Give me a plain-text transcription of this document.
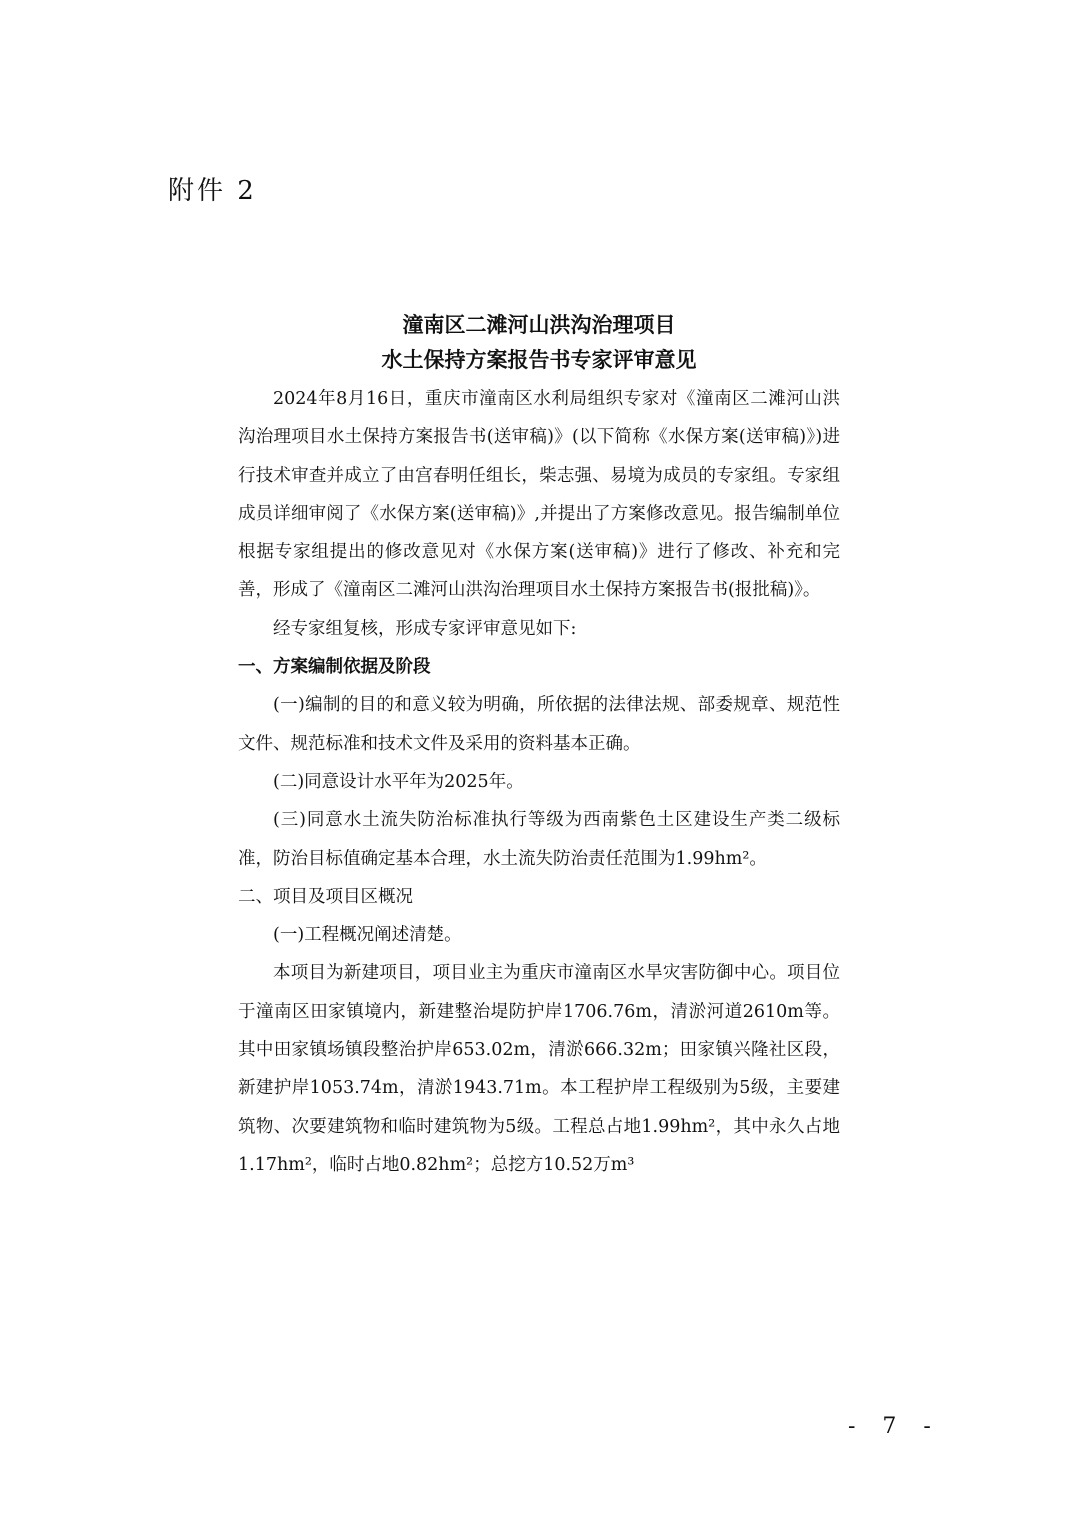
附件 2
潼南区二滩河山洪沟治理项目
水土保持方案报告书专家评审意见

2024年8月16日，重庆市潼南区水利局组织专家对《潼南区二滩河山洪沟治理项目水土保持方案报告书(送审稿)》(以下简称《水保方案(送审稿)》)进行技术审查并成立了由宫春明任组长，柴志强、易境为成员的专家组。专家组成员详细审阅了《水保方案(送审稿)》,并提出了方案修改意见。报告编制单位根据专家组提出的修改意见对《水保方案(送审稿)》进行了修改、补充和完善，形成了《潼南区二滩河山洪沟治理项目水土保持方案报告书(报批稿)》。

经专家组复核，形成专家评审意见如下:

一、方案编制依据及阶段

(一)编制的目的和意义较为明确，所依据的法律法规、部委规章、规范性文件、规范标准和技术文件及采用的资料基本正确。

(二)同意设计水平年为2025年。

(三)同意水土流失防治标准执行等级为西南紫色土区建设生产类二级标准，防治目标值确定基本合理，水土流失防治责任范围为1.99hm²。

二、项目及项目区概况

(一)工程概况阐述清楚。

本项目为新建项目，项目业主为重庆市潼南区水旱灾害防御中心。项目位于潼南区田家镇境内，新建整治堤防护岸1706.76m，清淤河道2610m等。其中田家镇场镇段整治护岸653.02m，清淤666.32m；田家镇兴隆社区段，新建护岸1053.74m，清淤1943.71m。本工程护岸工程级别为5级，主要建筑物、次要建筑物和临时建筑物为5级。工程总占地1.99hm²，其中永久占地1.17hm²，临时占地0.82hm²；总挖方10.52万m³

- 7 -
